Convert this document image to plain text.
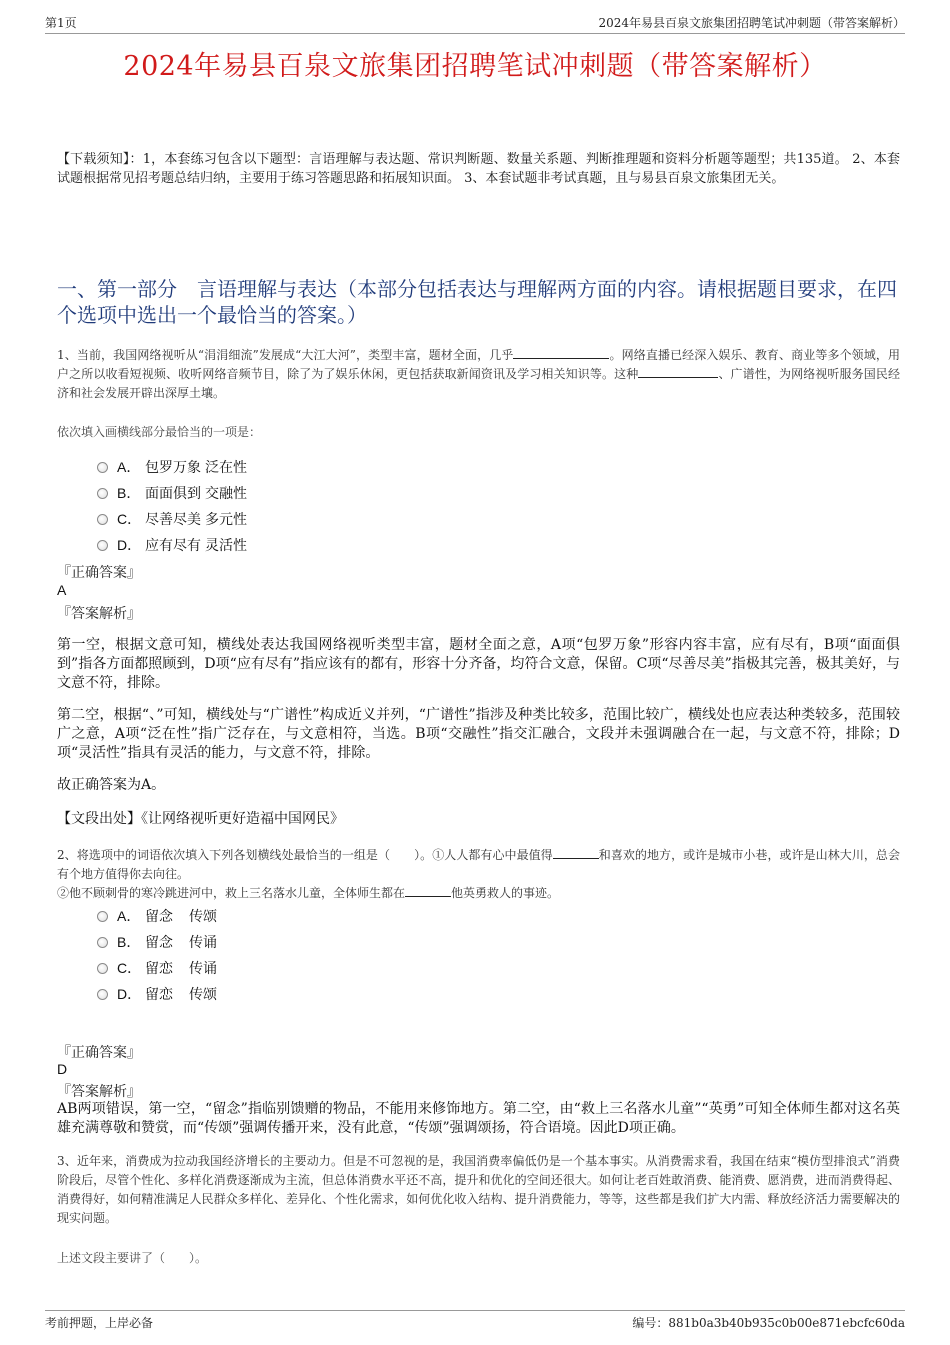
第1页	2024年易县百泉文旅集团招聘笔试冲刺题（带答案解析）
2024年易县百泉文旅集团招聘笔试冲刺题（带答案解析）
【下载须知】：1，本套练习包含以下题型：言语理解与表达题、常识判断题、数量关系题、判断推理题和资料分析题等题型；共135道。 2、本套试题根据常见招考题总结归纳，主要用于练习答题思路和拓展知识面。 3、本套试题非考试真题，且与易县百泉文旅集团无关。
一、第一部分　言语理解与表达（本部分包括表达与理解两方面的内容。请根据题目要求，在四个选项中选出一个最恰当的答案。）
1、当前，我国网络视听从“涓涓细流”发展成“大江大河”，类型丰富，题材全面，几乎	。网络直播已经深入娱乐、教育、商业等多个领域，用户之所以收看短视频、收听网络音频节目，除了为了娱乐休闲，更包括获取新闻资讯及学习相关知识等。这种	、广谱性，为网络视听服务国民经济和社会发展开辟出深厚土壤。
依次填入画横线部分最恰当的一项是：
A． 包罗万象 泛在性
B． 面面俱到 交融性
C． 尽善尽美 多元性
D． 应有尽有 灵活性
『正确答案』
A
『答案解析』
第一空，根据文意可知，横线处表达我国网络视听类型丰富，题材全面之意，A项“包罗万象”形容内容丰富，应有尽有，B项“面面俱到”指各方面都照顾到，D项“应有尽有”指应该有的都有，形容十分齐备，均符合文意，保留。C项“尽善尽美”指极其完善，极其美好，与文意不符，排除。
第二空，根据“、”可知，横线处与“广谱性”构成近义并列，“广谱性”指涉及种类比较多，范围比较广，横线处也应表达种类较多，范围较广之意，A项“泛在性”指广泛存在，与文意相符，当选。B项“交融性”指交汇融合，文段并未强调融合在一起，与文意不符，排除；D项“灵活性”指具有灵活的能力，与文意不符，排除。
故正确答案为A。
【文段出处】《让网络视听更好造福中国网民》
2、将选项中的词语依次填入下列各划横线处最恰当的一组是（　　）。①人人都有心中最值得	和喜欢的地方，或许是城市小巷，或许是山林大川，总会有个地方值得你去向往。
②他不顾刺骨的寒冷跳进河中，救上三名落水儿童，全体师生都在	他英勇救人的事迹。
A． 留念 传颂
B． 留念 传诵
C． 留恋 传诵
D． 留恋 传颂
『正确答案』
D
『答案解析』
AB两项错误，第一空，“留念”指临别馈赠的物品，不能用来修饰地方。第二空，由“救上三名落水儿童”“英勇”可知全体师生都对这名英雄充满尊敬和赞赏，而“传颂”强调传播开来，没有此意，“传颂”强调颂扬，符合语境。因此D项正确。
3、近年来，消费成为拉动我国经济增长的主要动力。但是不可忽视的是，我国消费率偏低仍是一个基本事实。从消费需求看，我国在结束“模仿型排浪式”消费阶段后，尽管个性化、多样化消费逐渐成为主流，但总体消费水平还不高，提升和优化的空间还很大。如何让老百姓敢消费、能消费、愿消费，进而消费得起、消费得好，如何精准满足人民群众多样化、差异化、个性化需求，如何优化收入结构、提升消费能力，等等，这些都是我们扩大内需、释放经济活力需要解决的现实问题。
上述文段主要讲了（　　）。
考前押题，上岸必备	编号：881b0a3b40b935c0b00e871ebcfc60da
